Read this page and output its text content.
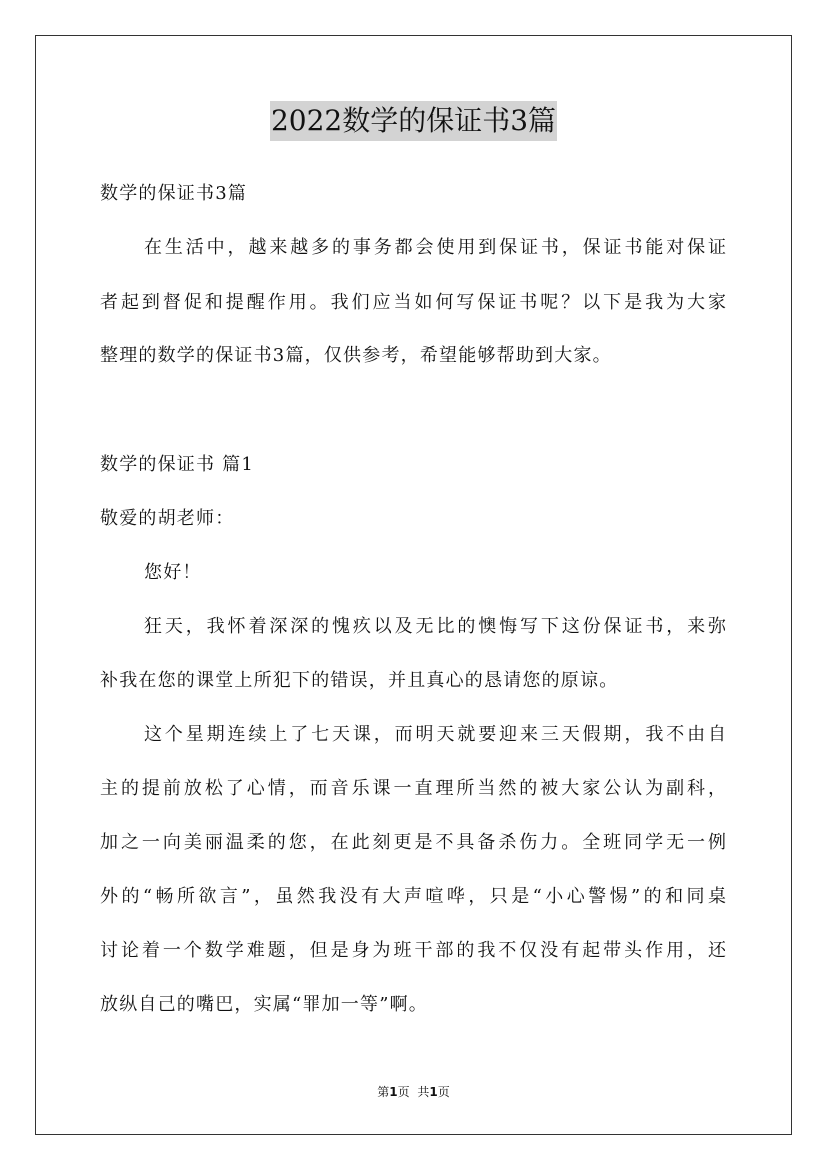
2022数学的保证书3篇
数学的保证书3篇
在生活中，越来越多的事务都会使用到保证书，保证书能对保证
者起到督促和提醒作用。我们应当如何写保证书呢？以下是我为大家
整理的数学的保证书3篇，仅供参考，希望能够帮助到大家。
数学的保证书 篇1
敬爱的胡老师：
您好！
狂天，我怀着深深的愧疚以及无比的懊悔写下这份保证书，来弥
补我在您的课堂上所犯下的错误，并且真心的恳请您的原谅。
这个星期连续上了七天课，而明天就要迎来三天假期，我不由自
主的提前放松了心情，而音乐课一直理所当然的被大家公认为副科，
加之一向美丽温柔的您，在此刻更是不具备杀伤力。全班同学无一例
外的“畅所欲言”，虽然我没有大声喧哗，只是“小心警惕”的和同桌
讨论着一个数学难题，但是身为班干部的我不仅没有起带头作用，还
放纵自己的嘴巴，实属“罪加一等”啊。
第1页 共1页
